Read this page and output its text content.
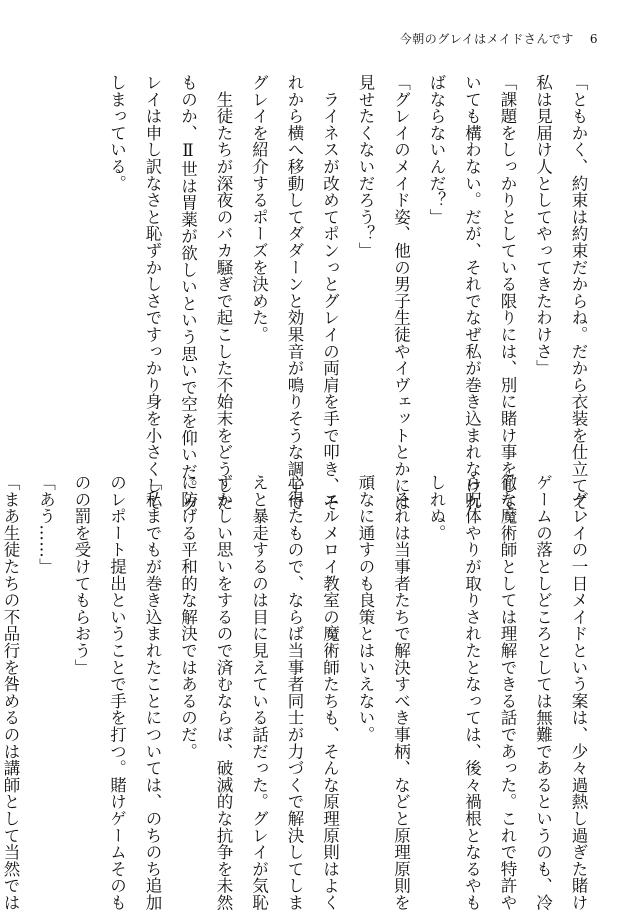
今朝のグレイはメイドさんです 6

「ともかく、約束は約束だからね。だから衣装を仕立てて、

私は見届け人としてやってきたわけさ」

「課題をしっかりとしている限りには、別に賭け事をして

いても構わない。だが、それでなぜ私が巻き込まれなけれ

ばならないんだ？」

「グレイのメイド姿、他の男子生徒やイヴェットとかには

見せたくないだろう？」

　ライネスが改めてポンっとグレイの両肩を手で叩き、そ

れから横へ移動してダダーンと効果音が鳴りそうな調子で

グレイを紹介するポーズを決めた。

　生徒たちが深夜のバカ騒ぎで起こした不始末をどうした

ものか、Ⅱ世は胃薬が欲しいという思いで空を仰いだ。グ

レイは申し訳なさと恥ずかしさですっかり身を小さくして

しまっている。

　グレイの一日メイドという案は、少々過熱し過ぎた賭け

ゲームの落としどころとしては無難であるというのも、冷

徹な魔術師としては理解できる話であった。これで特許や

ら呪体やりが取りされたとなっては、後々禍根となるやも

しれぬ。

　それは当事者たちで解決すべき事柄、などと原理原則を

頑なに通すのも良策とはいえない。

　エルメロイ教室の魔術師たちも、そんな原理原則はよく

心得たもので、ならば当事者同士が力づくで解決してしま

えと暴走するのは目に見えている話だった。グレイが気恥

ずかしい思いをするので済むならば、破滅的な抗争を未然

に防げる平和的な解決ではあるのだ。

「私までもが巻き込まれたことについては、のちのち追加

のレポート提出ということで手を打つ。賭けゲームそのも

のの罰を受けてもらおう」

「あう……」

「まあ生徒たちの不品行を咎めるのは講師として当然では
